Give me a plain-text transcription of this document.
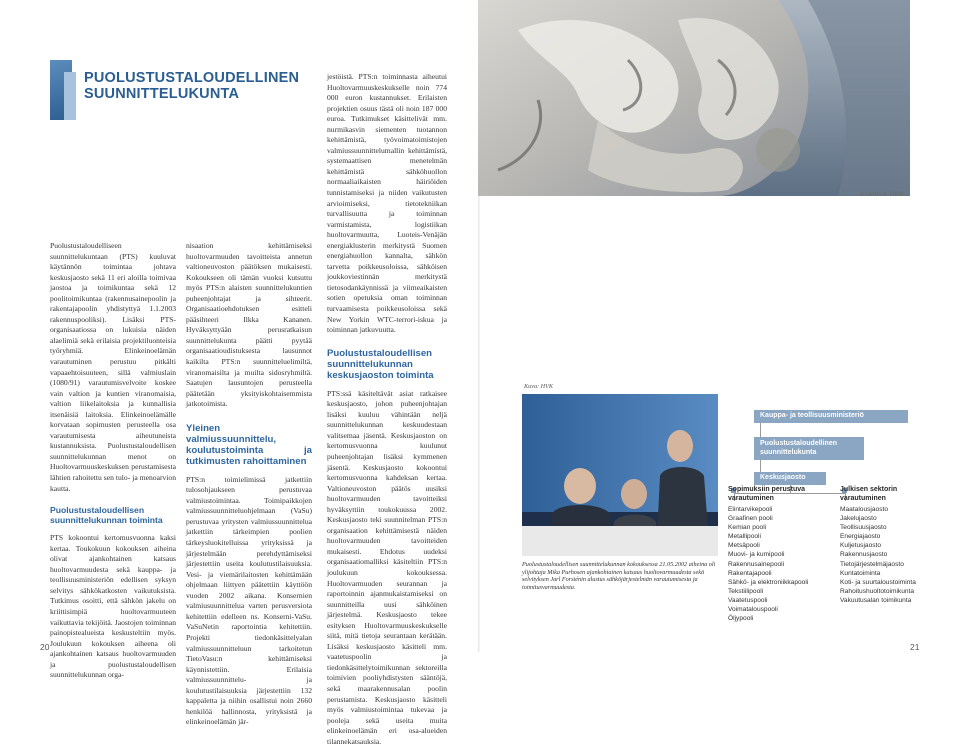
PUOLUSTUSTALOUDELLINEN
SUUNNITTELUKUNTA

Puolustustaloudelliseen suunnittelukuntaan (PTS) kuuluvat käytännön toimintaa johtava keskusjaosto sekä 11 eri aloilla toimivaa jaostoa ja toimikuntaa sekä 12 poolitoimikuntaa (rakennusainepoolin ja rakentajapoolin yhdistyttyä 1.1.2003 rakennuspooliksi). Lisäksi PTS-organisaatiossa on lukuisia näiden alaelimiä sekä erilaisia projektiluonteisia työryhmiä. Elinkeinoelämän varautuminen perustuu pitkälti vapaaehtoisuuteen, sillä valmiuslain (1080/91) varautumisvelvoite koskee vain valtion ja kuntien viranomaisia, valtion liikelaitoksia ja kunnallisia itsenäisiä laitoksia. Elinkeinoelämälle korvataan sopimusten perusteella osa varautumisesta aiheutuneista kustannuksista. Puolustustaloudellisen suunnittelukunnan menot on Huoltovarmuuskeskuksen perustamisesta lähtien rahoitettu sen tulo- ja menoarvion kautta.

Puolustustaloudellisen suunnittelukunnan toiminta

PTS kokoontui kertomusvuonna kaksi kertaa. Toukokuun kokouksen aiheina olivat ajankohtainen katsaus huoltovarmuudesta sekä kauppa- ja teollisuusministeriön edellisen syksyn selvitys sähkökatkosten vaikutuksista. Tutkimus osoitti, että sähkön jakelu on kriittisimpiä huoltovarmuuteen vaikuttavia tekijöitä. Jaostojen toiminnan painopistealueista keskusteltiin myös. Joulukuun kokouksen aiheena oli ajankohtainen katsaus huoltovarmuuden ja puolustustaloudellisen suunnittelukunnan orga-

nisaation kehittämiseksi huoltovarmuuden tavoitteista annetun valtioneuvoston päätöksen mukaisesti. Kokoukseen oli tämän vuoksi kutsuttu myös PTS:n alaisten suunnittelukuntien puheenjohtajat ja sihteerit. Organisaatioehdotuksen esitteli pääsihteeri Ilkka Kananen. Hyväksyttyään perusratkaisun suunnittelukunta päätti pyytää organisaatioudistuksesta lausunnot kaikilta PTS:n suunnitteluelimiltä, viranomaisilta ja muilta sidosryhmiltä. Saatujen lausuntojen perusteella päätetään yksityiskohtaisemmista jatkotoimista.

Yleinen valmiussuunnittelu, koulutustoiminta ja tutkimusten rahoittaminen

PTS:n toimielimissä jatkettiin tulosohjaukseen perustuvaa valmiustoimintaa. Toimipaikkojen valmiussuunnitteluohjelmaan (VaSu) perustuvaa yritysten valmiussuunnittelua jatkettiin tärkeimpien poolien tärkeysluokitelluissa yrityksissä ja järjestelmään perehdyttämiseksi järjestettiin useita koulutustilaisuuksia. Vesi- ja viemärilaitosten kehittämään ohjelmaan liittyen päätettiin käyttöön vuoden 2002 aikana. Konsernien valmiusuunnittelua varten perusversiota kehitettiin edelleen ns. Konserni-VaSu. VaSuNetin raportointia kehitettiin. Projekti tiedonkäsittelyalan valmiussuunnitteluun tarkoitetun TietoVasu:n kehittämiseksi käynnistettiin. Erilaisia valmiussuunnittelu- ja koulutustilaisuuksia järjestettiin 132 kappaletta ja niihin osallistui noin 2660 henkilöä hallinnosta, yrityksistä ja elinkeinoelämän jär-

jestöistä. PTS:n toiminnasta aiheutui Huoltovarmuuskeskukselle noin 774 000 euron kustannukset. Erilaisten projektien osuus tästä oli noin 187 000 euroa. Tutkimukset käsittelivät mm. nurmikasvin siementen tuotannon kehittämistä, työvoimatoimistojen valmiussuunnittelumallin kehittämistä, systemaattisen menetelmän kehittämistä sähköhuollon normaaliaikaisten häiriöiden tunnistamiseksi ja niiden vaikutusten arvioimiseksi, tietotekniikan turvallisuutta ja toiminnan varmistamista, logistiikan huoltovarmuutta, Luoteis-Venäjän energiaklusterin merkitystä Suomen energiahuollon kannalta, sähkön tarvetta poikkeusoloissa, sähköisen joukkoviestinnän merkitystä tietosodankäynnissä ja viimeaikaisten sotien opetuksia oman toiminnan turvaamisesta poikkeusoloissa sekä New Yorkin WTC-terrori-iskua ja toiminnan jatkuvuutta.

Puolustustaloudellisen suunnittelukunnan keskusjaoston toiminta

PTS:ssä käsiteltävät asiat ratkaisee keskusjaosto, johon puheenjohtajan lisäksi kuuluu vähintään neljä suunnittelukunnan keskuudestaan valitsemaa jäsentä. Keskusjaoston on kertomusvuonna kuulunut puheenjohtajan lisäksi kymmenen jäsentä. Keskusjaosto kokoontui kertomusvuonna kahdeksan kertaa. Valtioneuvoston päätös uusiksi huoltovarmuuden tavoitteiksi hyväksyttiin toukokuussa 2002. Keskusjaosto teki suunnitelman PTS:n organisaation kehittämisestä näiden huoltovarmuuden tavoitteiden mukaisesti. Ehdotus uudeksi organisaatiomalliksi käsiteltiin PTS:n joulukuun kokouksessa. Huoltovarmuuden seurannan ja raportoinnin ajanmukaistamiseksi on suunnitteilla uusi sähköinen järjestelmä. Keskusjaosto tekee esityksen Huoltovarmuuskeskukselle siitä, mitä tietoja seurantaan kerätään. Lisäksi keskusjaosto käsitteli mm. vaatetuspoolin ja tiedonkäsittelytoimikunnan sektoreilla toimivien pooliyhdistysten sääntöjä, sekä maarakennusalan poolin perustamista. Keskusjaosto käsitteli myös valmiustoimintaa tukevaa ja pooleja sekä useita muita elinkeinoelämän eri osa-alueiden tilannekatsauksia.

20
Acanthus 1998
Kuva: HVK
Puolustustaloudellisen suunnittelukunnan kokouksessa 21.05.2002 aiheina oli ylijohtaja Mika Purhosen ajankohtainen katsaus huoltovarmuudesta sekä selvityksen Jarl Forsténin alustus sähköjärjestelmän varautumisesta ja toimitusvarmuudesta.
Kauppa- ja teollisuusministeriö
Puolustustaloudellinen suunnittelukunta
Keskusjaosto
Sopimuksiin perustuva varautuminen
Julkisen sektorin varautuminen
Elintarvikepooli
Graafinen pooli
Kemian pooli
Metallipooli
Metsäpooli
Muovi- ja kumipooli
Rakennusainepooli
Rakentajapooli
Sähkö- ja elektroniikkapooli
Tekstiilipooli
Vaatetuspooli
Voimatalouspooli
Öljypooli
Maatalousjaosto
Jakelujaosto
Teollisuusjaosto
Energiajaosto
Kuljetusjaosto
Rakennusjaosto
Tietojärjestelmäjaosto
Kuntatoiminta
Koti- ja suurtaloustoiminta
Rahoitushuoltotoimikunta
Vakuutusalan toimikunta
21
